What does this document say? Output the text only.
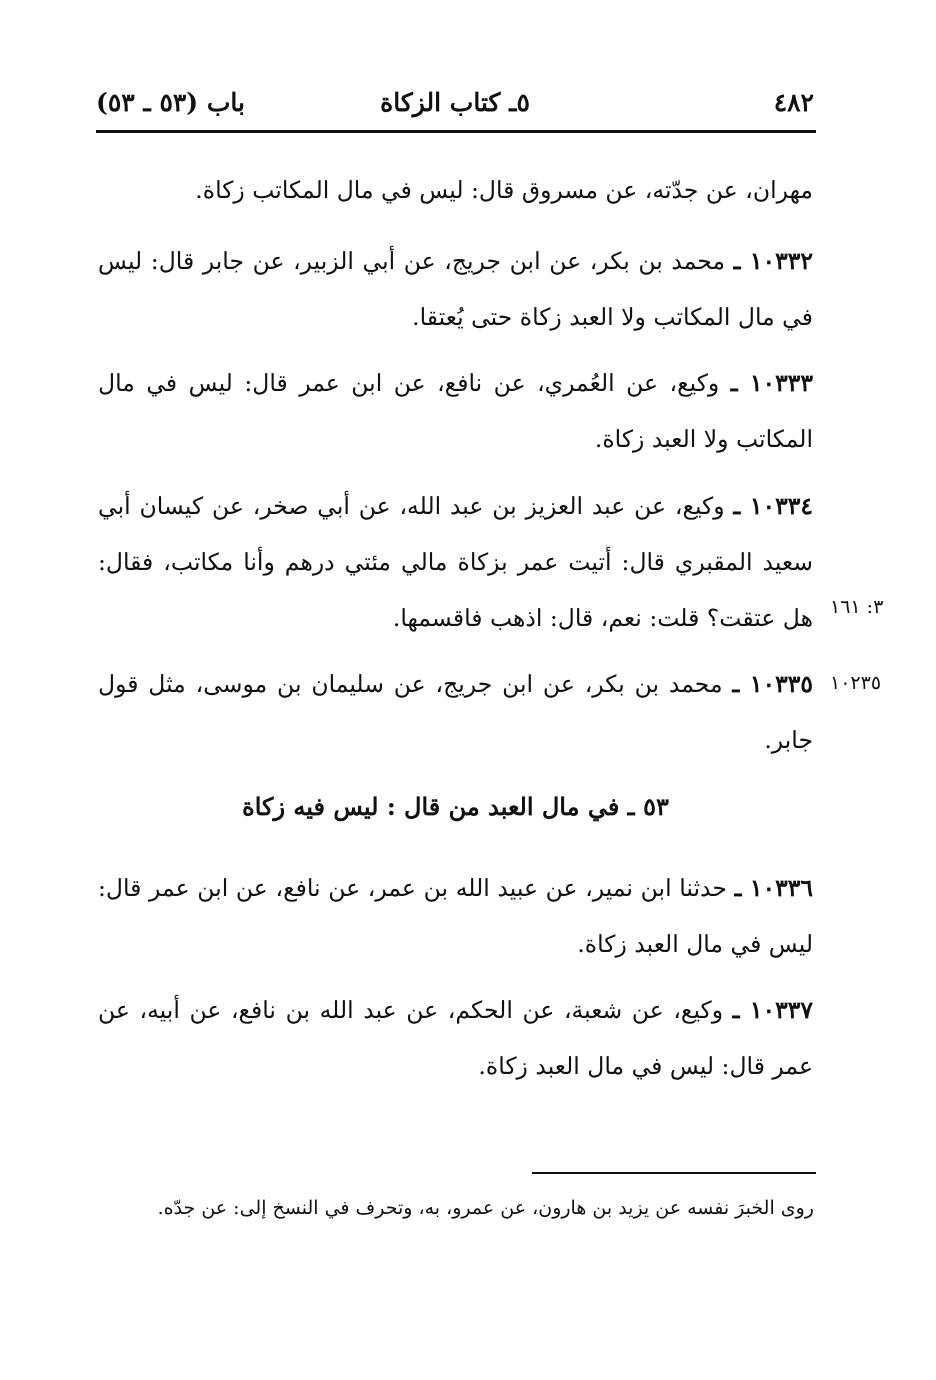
٤٨٢
٥ـ كتاب الزكاة
باب (٥٣ ـ ٥٣)
مهران، عن جدّته، عن مسروق قال: ليس في مال المكاتب زكاة.
١٠٣٣٢ ـ محمد بن بكر، عن ابن جريج، عن أبي الزبير، عن جابر قال: ليس في مال المكاتب ولا العبد زكاة حتى يُعتقا.
١٠٣٣٣ ـ وكيع، عن العُمري، عن نافع، عن ابن عمر قال: ليس في مال المكاتب ولا العبد زكاة.
١٠٣٣٤ ـ وكيع، عن عبد العزيز بن عبد الله، عن أبي صخر، عن كيسان أبي سعيد المقبري قال: أتيت عمر بزكاة مالي مئتي درهم وأنا مكاتب، فقال: هل عتقت؟ قلت: نعم، قال: اذهب فاقسمها. ٣: ١٦١
١٠٣٣٥ ـ محمد بن بكر، عن ابن جريج، عن سليمان بن موسى، مثل قول جابر.
١٠٢٣٥
٥٣ ـ في مال العبد من قال : ليس فيه زكاة
١٠٣٣٦ ـ حدثنا ابن نمير، عن عبيد الله بن عمر، عن نافع، عن ابن عمر قال: ليس في مال العبد زكاة.
١٠٣٣٧ ـ وكيع، عن شعبة، عن الحكم، عن عبد الله بن نافع، عن أبيه، عن عمر قال: ليس في مال العبد زكاة.
روى الخبرَ نفسه عن يزيد بن هارون، عن عمرو، به، وتحرف في النسخ إلى: عن جدّه.
